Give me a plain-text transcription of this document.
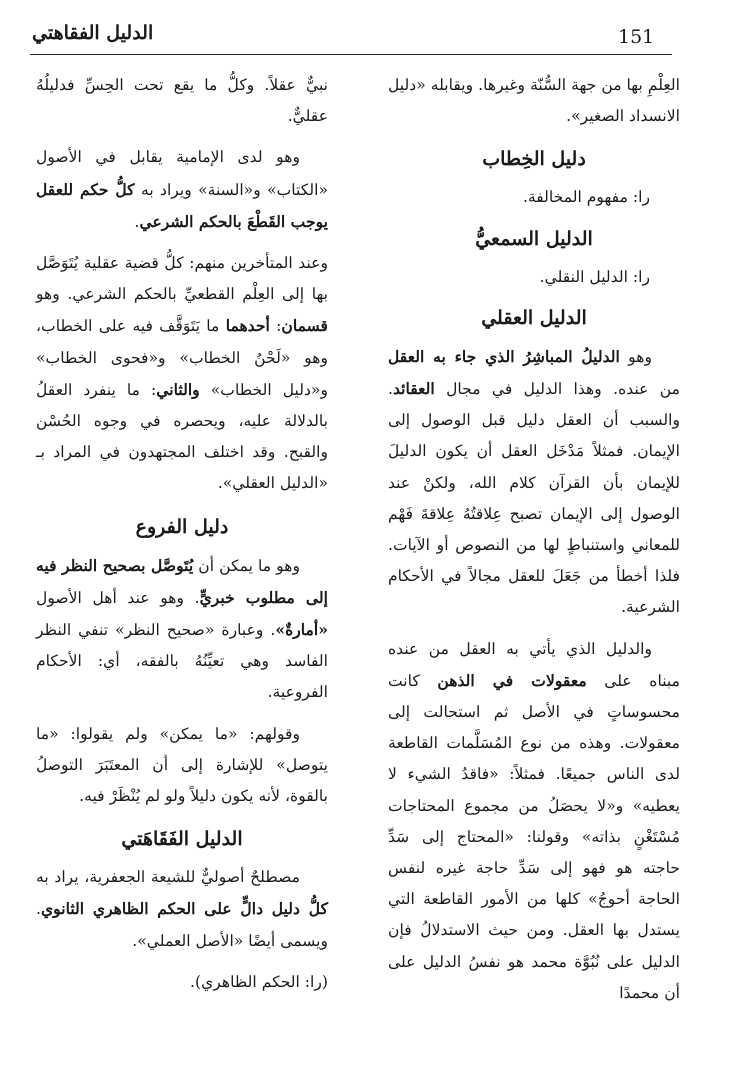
151
الدليل الفقاهتي

العِلْمِ بها من جهة السُّنّة وغيرها. ويقابله «دليل الانسداد الصغير».

دليل الخِطاب

را: مفهوم المخالفة.

الدليل السمعيُّ

را: الدليل النقلي.

الدليل العقلي

وهو الدليلُ المباشِرُ الذي جاء به العقل من عنده. وهذا الدليل في مجال العقائد. والسبب أن العقل دليل قبل الوصول إلى الإيمان. فمثلاً مَدْخَل العقل أن يكون الدليلَ للإيمان بأن القرآن كلام الله، ولكنْ عند الوصول إلى الإيمان تصبح عِلاقتُهُ عِلاقةَ فَهْم للمعاني واستنباطٍ لها من النصوص أو الآيات. فلذا أخطأ من جَعَلَ للعقل مجالاً في الأحكام الشرعية.

والدليل الذي يأتي به العقل من عنده مبناه على معقولات في الذهن كانت محسوساتٍ في الأصل ثم استحالت إلى معقولات. وهذه من نوع المُسَلَّمات القاطعة لدى الناس جميعًا. فمثلاً: «فاقدُ الشيء لا يعطيه» و«لا يحصَلُ من مجموع المحتاجات مُسْتَغْنٍ بذاته» وقولنا: «المحتاج إلى سَدِّ حاجته هو فهو إلى سَدِّ حاجة غيره لنفس الحاجة أحوجُ» كلها من الأمور القاطعة التي يستدل بها العقل. ومن حيث الاستدلالُ فإن الدليل على نُبُوَّة محمد هو نفسُ الدليل على أن محمدًا

نبيٌّ عقلاً. وكلُّ ما يقع تحت الحِسِّ فدليلُهُ عقليٌّ.

وهو لدى الإمامية يقابل في الأصول «الكتاب» و«السنة» ويراد به كلُّ حكم للعقل يوجب القَطْعَ بالحكم الشرعي.

وعند المتأخرين منهم: كلُّ قضية عقلية يُتَوَصَّل بها إلى العِلْم القطعيِّ بالحكم الشرعي. وهو قسمان: أحدهما ما يَتَوَقَّف فيه على الخطاب، وهو «لَحْنُ الخطاب» و«فحوى الخطاب» و«دليل الخطاب» والثاني: ما ينفرد العقلُ بالدلالة عليه، ويحصره في وجوه الحُسْن والقبح. وقد اختلف المجتهدون في المراد بـ «الدليل العقلي».

دليل الفروع

وهو ما يمكن أن يُتَوصَّل بصحيح النظر فيه إلى مطلوب خبريٍّ. وهو عند أهل الأصول «أمارةٌ». وعبارة «صحيح النظر» تنفي النظر الفاسد وهي تعيِّنُهُ بالفقه، أي: الأحكام الفروعية.

وقولهم: «ما يمكن» ولم يقولوا: «ما يتوصل» للإشارة إلى أن المعتَبَرَ التوصلُ بالقوة، لأنه يكون دليلاً ولو لم يُنْظَرْ فيه.

الدليل الفَقَاهَتي

مصطلحٌ أصوليٌّ للشيعة الجعفرية، يراد به كلُّ دليل دالٍّ على الحكم الظاهري الثانوي. ويسمى أيضًا «الأصل العملي».

(را: الحكم الظاهري).
